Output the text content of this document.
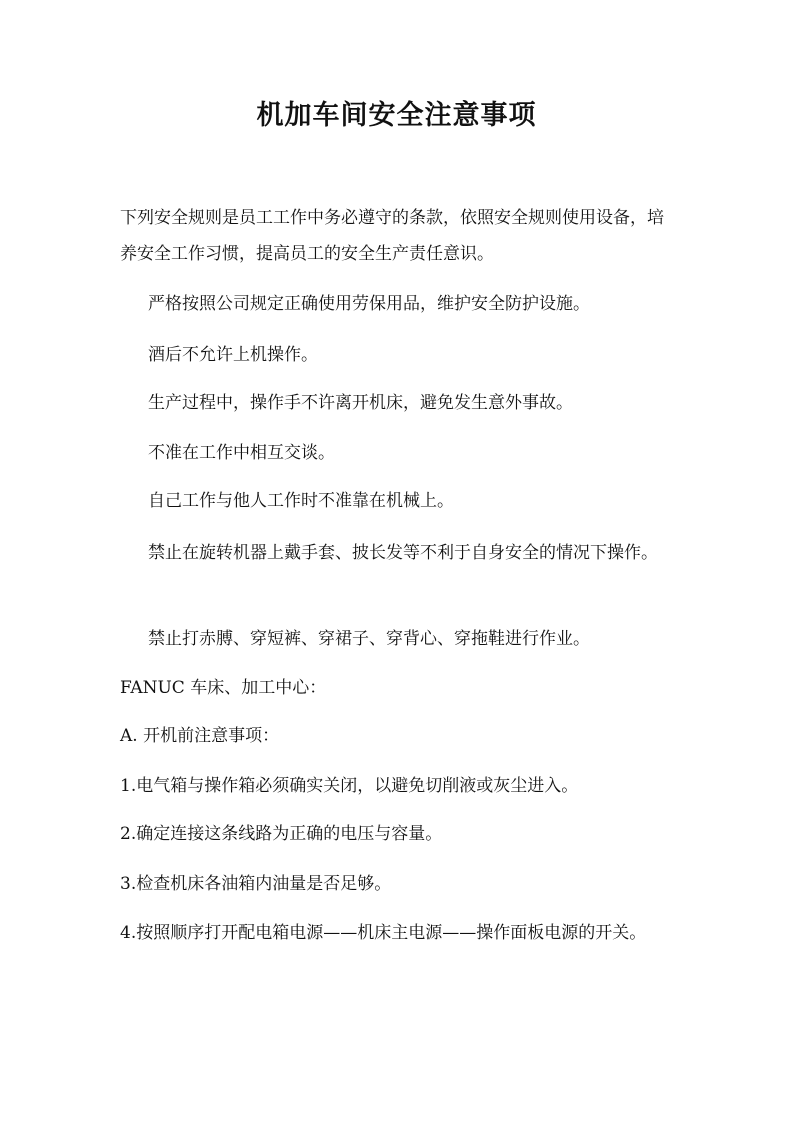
机加车间安全注意事项

下列安全规则是员工工作中务必遵守的条款，依照安全规则使用设备，培养安全工作习惯，提高员工的安全生产责任意识。

严格按照公司规定正确使用劳保用品，维护安全防护设施。

酒后不允许上机操作。

生产过程中，操作手不许离开机床，避免发生意外事故。

不准在工作中相互交谈。

自己工作与他人工作时不准靠在机械上。

禁止在旋转机器上戴手套、披长发等不利于自身安全的情况下操作。

禁止打赤膊、穿短裤、穿裙子、穿背心、穿拖鞋进行作业。

FANUC 车床、加工中心：

A. 开机前注意事项：

1.电气箱与操作箱必须确实关闭，以避免切削液或灰尘进入。

2.确定连接这条线路为正确的电压与容量。

3.检查机床各油箱内油量是否足够。

4.按照顺序打开配电箱电源——机床主电源——操作面板电源的开关。
